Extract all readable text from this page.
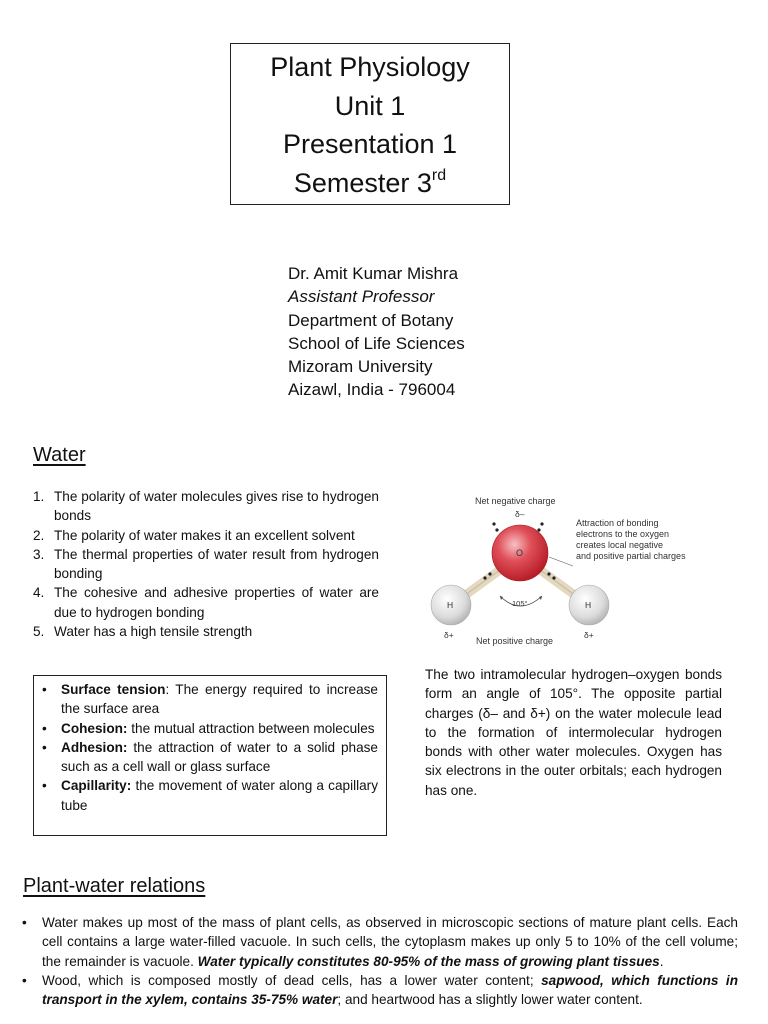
Plant Physiology
Unit 1
Presentation 1
Semester 3rd
Dr. Amit Kumar Mishra
Assistant Professor
Department of Botany
School of Life Sciences
Mizoram University
Aizawl, India - 796004
Water
1. The polarity of water molecules gives rise to hydrogen bonds
2. The polarity of water makes it an excellent solvent
3. The thermal properties of water result from hydrogen bonding
4. The cohesive and adhesive properties of water are due to hydrogen bonding
5. Water has a high tensile strength
• Surface tension: The energy required to increase the surface area
• Cohesion: the mutual attraction between molecules
• Adhesion: the attraction of water to a solid phase such as a cell wall or glass surface
• Capillarity: the movement of water along a capillary tube
Net negative charge
δ–
O
H	H
105°
δ+	δ+
Net positive charge
Attraction of bonding
electrons to the oxygen
creates local negative
and positive partial charges
The two intramolecular hydrogen–oxygen bonds form an angle of 105°. The opposite partial charges (δ– and δ+) on the water molecule lead to the formation of intermolecular hydrogen bonds with other water molecules. Oxygen has six electrons in the outer orbitals; each hydrogen has one.
Plant-water relations
• Water makes up most of the mass of plant cells, as observed in microscopic sections of mature plant cells. Each cell contains a large water-filled vacuole. In such cells, the cytoplasm makes up only 5 to 10% of the cell volume; the remainder is vacuole. Water typically constitutes 80-95% of the mass of growing plant tissues.
• Wood, which is composed mostly of dead cells, has a lower water content; sapwood, which functions in transport in the xylem, contains 35-75% water; and heartwood has a slightly lower water content.
